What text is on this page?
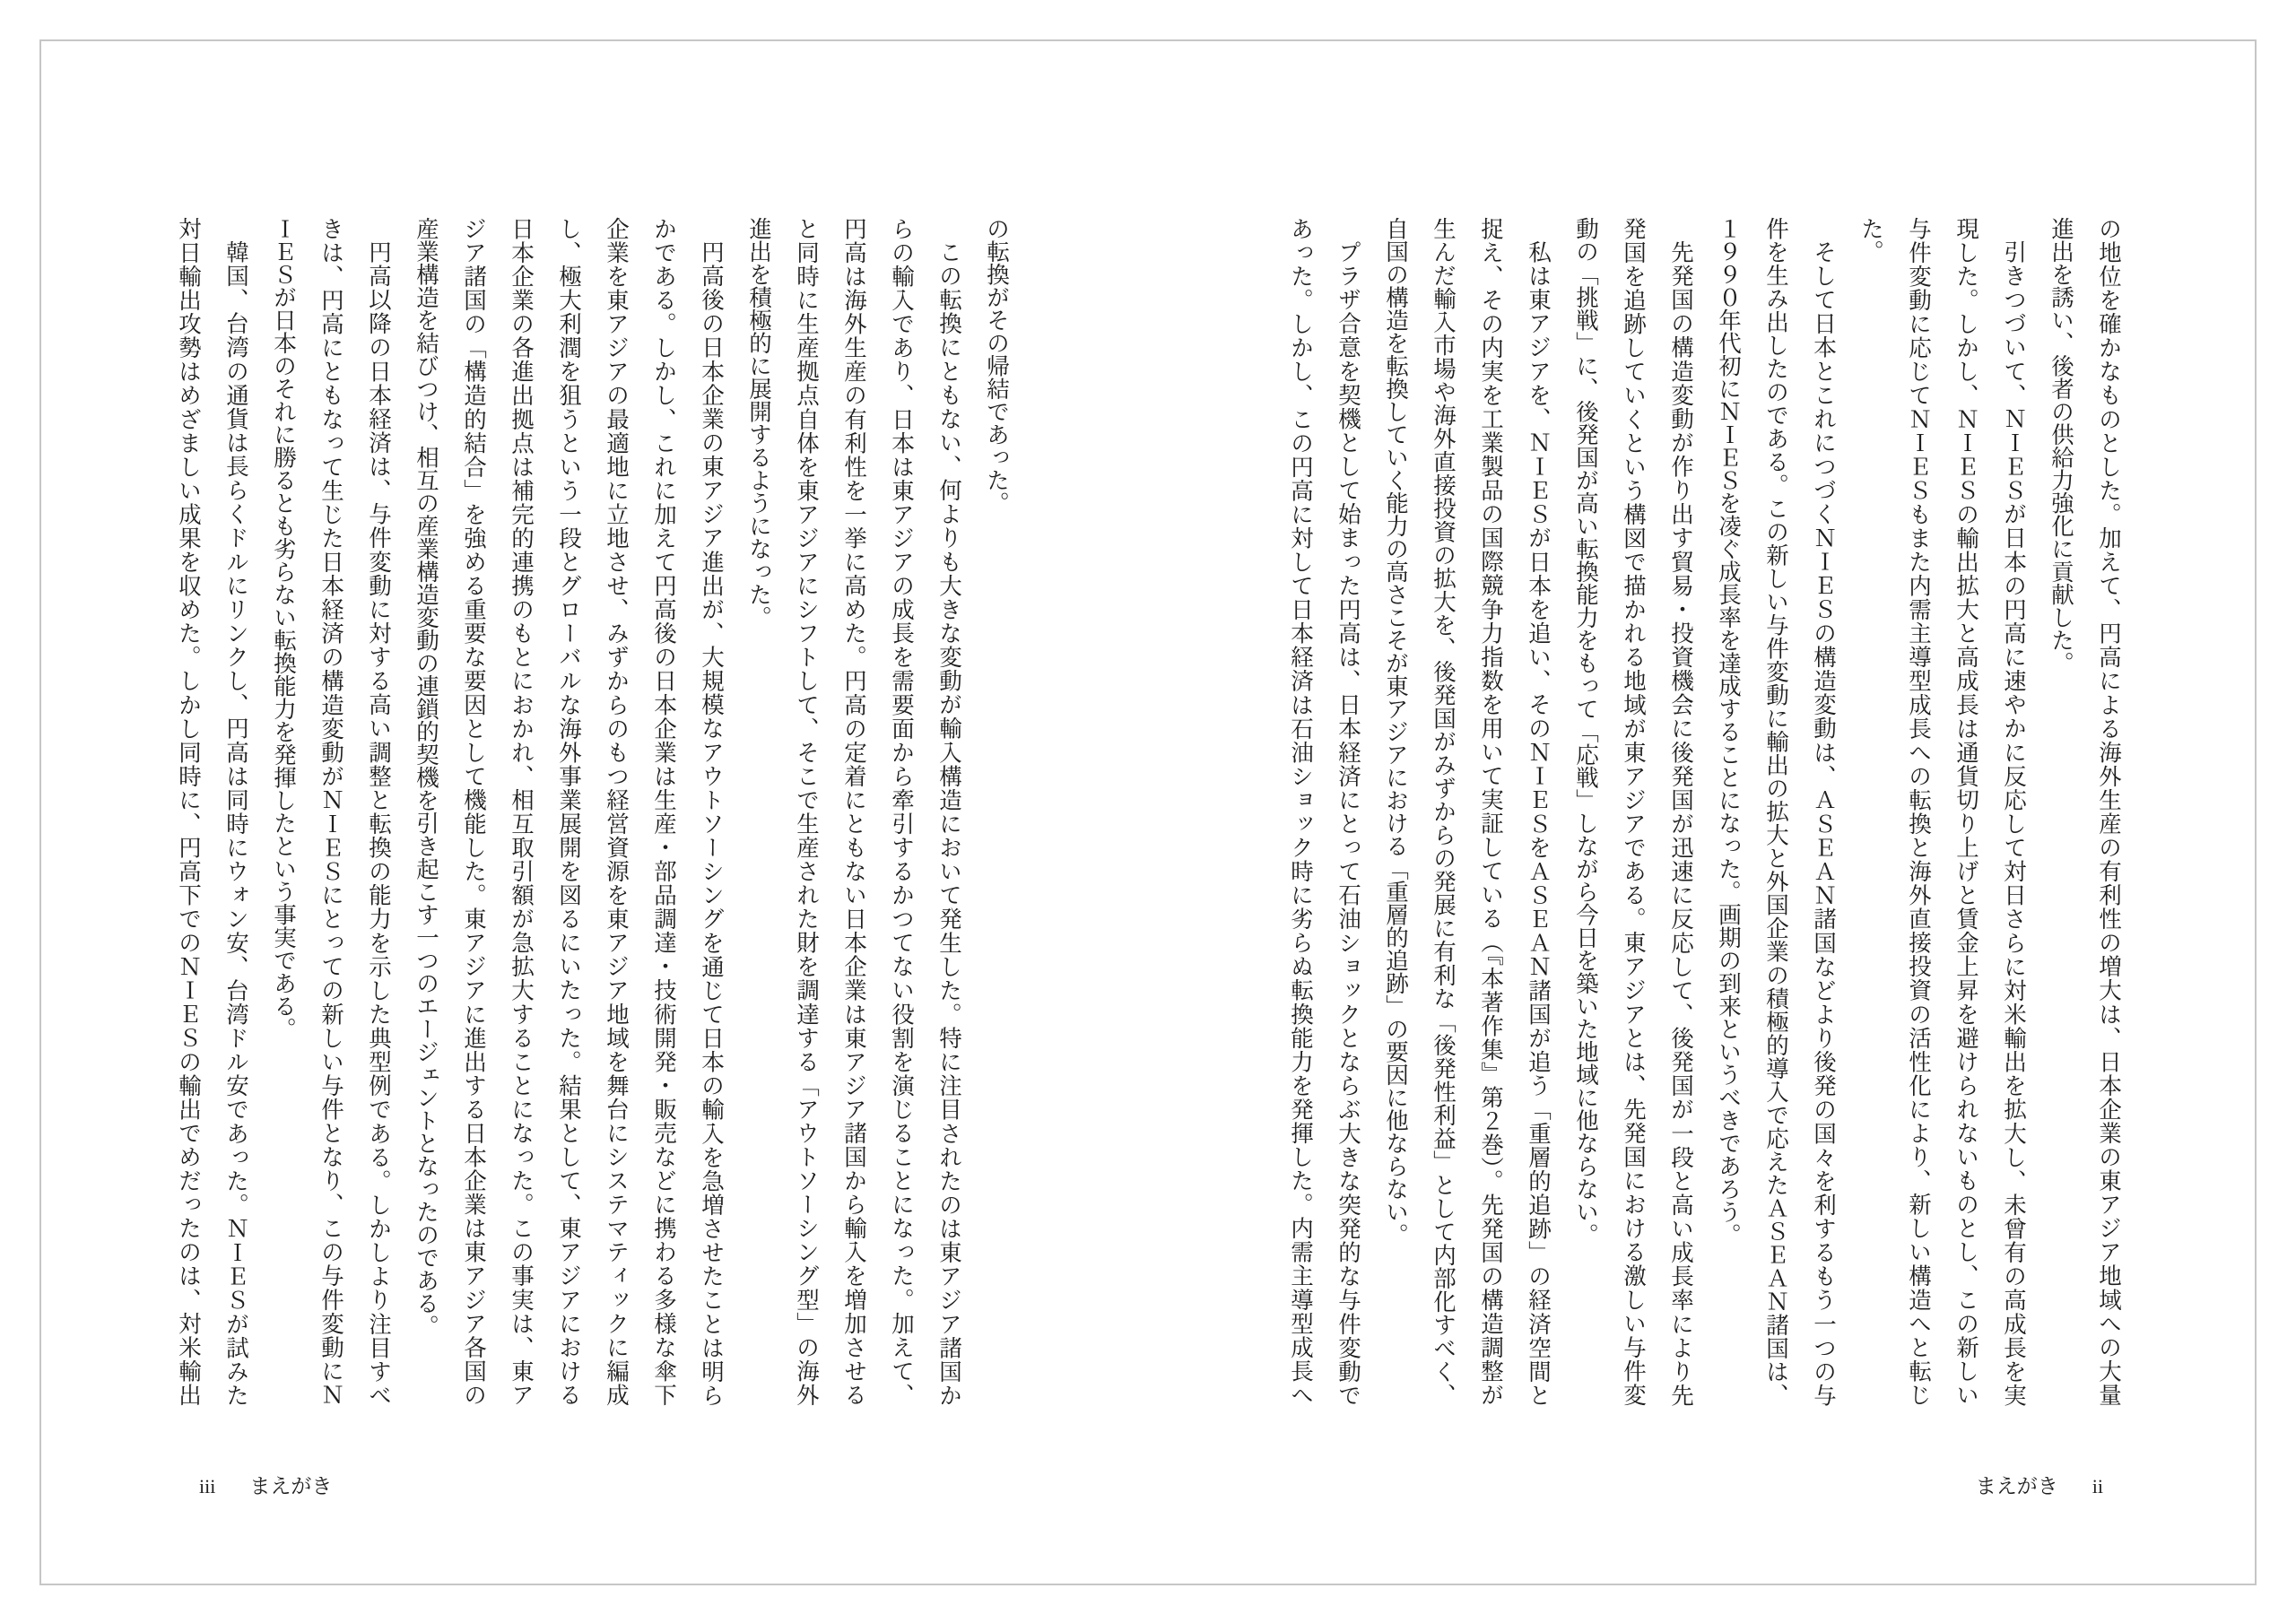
の地位を確かなものとした。加えて、円高による海外生産の有利性の増大は、日本企業の東アジア地域への大量
進出を誘い、後者の供給力強化に貢献した。
引きつづいて、ＮＩＥＳが日本の円高に速やかに反応して対日さらに対米輸出を拡大し、未曾有の高成長を実
現した。しかし、ＮＩＥＳの輸出拡大と高成長は通貨切り上げと賃金上昇を避けられないものとし、この新しい
与件変動に応じてＮＩＥＳもまた内需主導型成長への転換と海外直接投資の活性化により、新しい構造へと転じ
た。
そして日本とこれにつづくＮＩＥＳの構造変動は、ＡＳＥＡＮ諸国などより後発の国々を利するもう一つの与
件を生み出したのである。この新しい与件変動に輸出の拡大と外国企業の積極的導入で応えたＡＳＥＡＮ諸国は、
１９９０年代初にＮＩＥＳを凌ぐ成長率を達成することになった。画期の到来というべきであろう。
先発国の構造変動が作り出す貿易・投資機会に後発国が迅速に反応して、後発国が一段と高い成長率により先
発国を追跡していくという構図で描かれる地域が東アジアである。東アジアとは、先発国における激しい与件変
動の「挑戦」に、後発国が高い転換能力をもって「応戦」しながら今日を築いた地域に他ならない。
私は東アジアを、ＮＩＥＳが日本を追い、そのＮＩＥＳをＡＳＥＡＮ諸国が追う「重層的追跡」の経済空間と
捉え、その内実を工業製品の国際競争力指数を用いて実証している（『本著作集』第２巻）。先発国の構造調整が
生んだ輸入市場や海外直接投資の拡大を、後発国がみずからの発展に有利な「後発性利益」として内部化すべく、
自国の構造を転換していく能力の高さこそが東アジアにおける「重層的追跡」の要因に他ならない。
プラザ合意を契機として始まった円高は、日本経済にとって石油ショックとならぶ大きな突発的な与件変動で
あった。しかし、この円高に対して日本経済は石油ショック時に劣らぬ転換能力を発揮した。内需主導型成長へ
まえがき ii
の転換がその帰結であった。
この転換にともない、何よりも大きな変動が輸入構造において発生した。特に注目されたのは東アジア諸国か
らの輸入であり、日本は東アジアの成長を需要面から牽引するかつてない役割を演じることになった。加えて、
円高は海外生産の有利性を一挙に高めた。円高の定着にともない日本企業は東アジア諸国から輸入を増加させる
と同時に生産拠点自体を東アジアにシフトして、そこで生産された財を調達する「アウトソーシング型」の海外
進出を積極的に展開するようになった。
円高後の日本企業の東アジア進出が、大規模なアウトソーシングを通じて日本の輸入を急増させたことは明ら
かである。しかし、これに加えて円高後の日本企業は生産・部品調達・技術開発・販売などに携わる多様な傘下
企業を東アジアの最適地に立地させ、みずからのもつ経営資源を東アジア地域を舞台にシステマティックに編成
し、極大利潤を狙うという一段とグローバルな海外事業展開を図るにいたった。結果として、東アジアにおける
日本企業の各進出拠点は補完的連携のもとにおかれ、相互取引額が急拡大することになった。この事実は、東ア
ジア諸国の「構造的結合」を強める重要な要因として機能した。東アジアに進出する日本企業は東アジア各国の
産業構造を結びつけ、相互の産業構造変動の連鎖的契機を引き起こす一つのエージェントとなったのである。
円高以降の日本経済は、与件変動に対する高い調整と転換の能力を示した典型例である。しかしより注目すべ
きは、円高にともなって生じた日本経済の構造変動がＮＩＥＳにとっての新しい与件となり、この与件変動にＮ
ＩＥＳが日本のそれに勝るとも劣らない転換能力を発揮したという事実である。
韓国、台湾の通貨は長らくドルにリンクし、円高は同時にウォン安、台湾ドル安であった。ＮＩＥＳが試みた
対日輸出攻勢はめざましい成果を収めた。しかし同時に、円高下でのＮＩＥＳの輸出でめだったのは、対米輸出
iii まえがき
